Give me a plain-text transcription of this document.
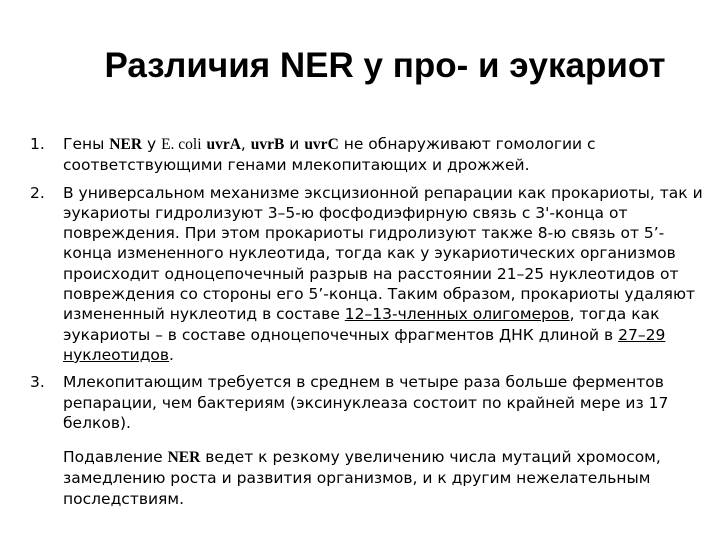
Различия NER у про- и эукариот
1. Гены NER у E. coli uvrA, uvrB и uvrC не обнаруживают гомологии с соответствующими генами млекопитающих и дрожжей.
2. В универсальном механизме эксцизионной репарации как прокариоты, так и эукариоты гидролизуют 3–5-ю фосфодиэфирную связь с 3'-конца от повреждения. При этом прокариоты гидролизуют также 8-ю связь от 5’-конца измененного нуклеотида, тогда как у эукариотических организмов происходит одноцепочечный разрыв на расстоянии 21–25 нуклеотидов от повреждения со стороны его 5’-конца. Таким образом, прокариоты удаляют измененный нуклеотид в составе 12–13-членных олигомеров, тогда как эукариоты – в составе одноцепочечных фрагментов ДНК длиной в 27–29 нуклеотидов.
3. Млекопитающим требуется в среднем в четыре раза больше ферментов репарации, чем бактериям (эксинуклеаза состоит по крайней мере из 17 белков).
Подавление NER ведет к резкому увеличению числа мутаций хромосом, замедлению роста и развития организмов, и к другим нежелательным последствиям.
